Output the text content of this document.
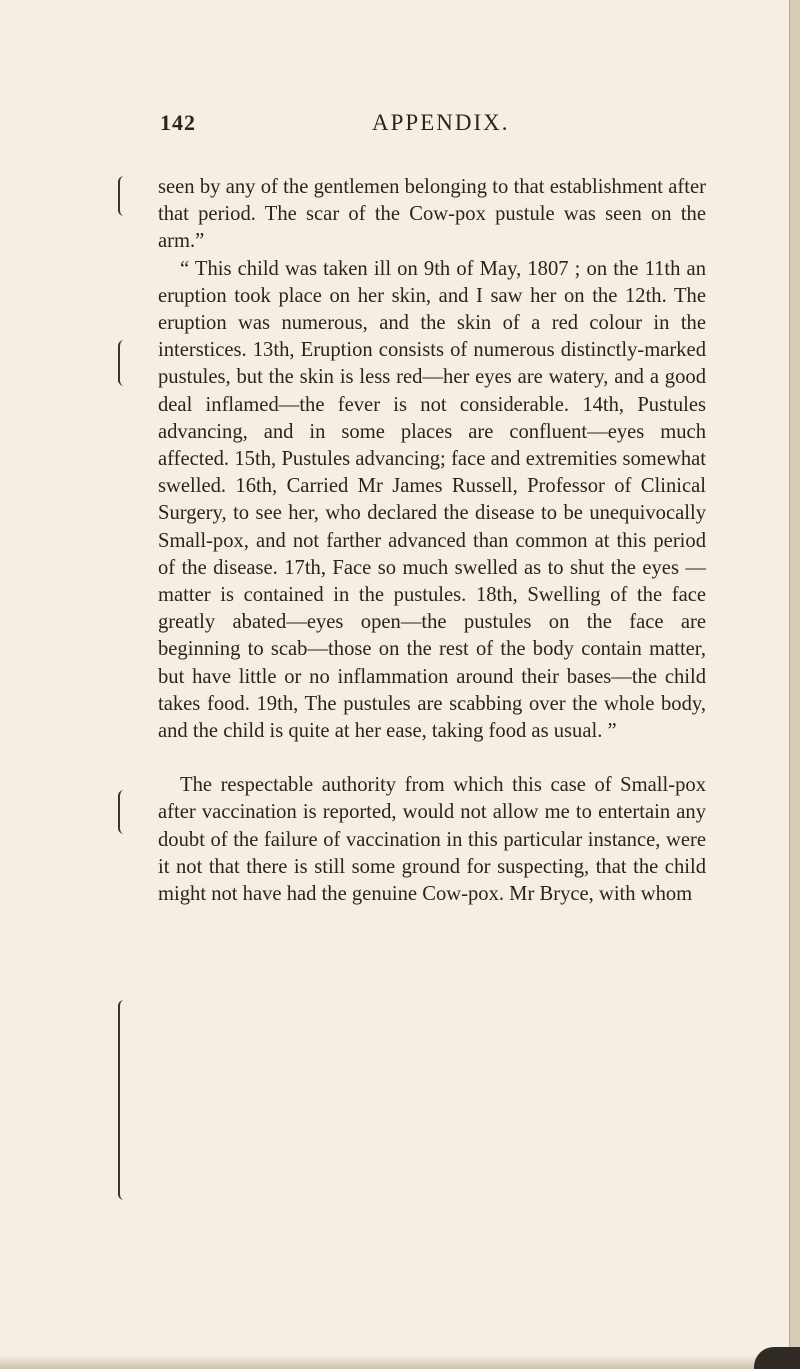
142	APPENDIX.

seen by any of the gentlemen belonging to that establishment after that period. The scar of the Cow-pox pustule was seen on the arm.”

“ This child was taken ill on 9th of May, 1807 ; on the 11th an eruption took place on her skin, and I saw her on the 12th. The eruption was numerous, and the skin of a red colour in the interstices. 13th, Eruption consists of numerous distinctly-marked pustules, but the skin is less red—her eyes are watery, and a good deal inflamed—the fever is not considerable. 14th, Pustules advancing, and in some places are confluent—eyes much affected. 15th, Pustules advancing; face and extremities somewhat swelled. 16th, Carried Mr James Russell, Professor of Clinical Surgery, to see her, who declared the disease to be unequivocally Small-pox, and not farther advanced than common at this period of the disease. 17th, Face so much swelled as to shut the eyes —matter is contained in the pustules. 18th, Swelling of the face greatly abated—eyes open—the pustules on the face are beginning to scab—those on the rest of the body contain matter, but have little or no inflammation around their bases—the child takes food. 19th, The pustules are scabbing over the whole body, and the child is quite at her ease, taking food as usual. ”

The respectable authority from which this case of Small-pox after vaccination is reported, would not allow me to entertain any doubt of the failure of vaccination in this particular instance, were it not that there is still some ground for suspecting, that the child might not have had the genuine Cow-pox. Mr Bryce, with whom
